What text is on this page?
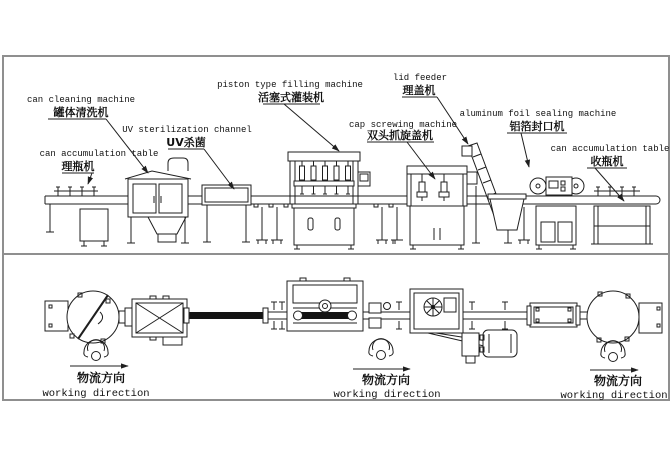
can accumulation table
理瓶机
can cleaning machine
罐体清洗机
UV sterilization channel
UV杀菌
piston type filling machine
活塞式灌装机
lid feeder
理盖机
cap screwing machine
双头抓旋盖机
aluminum foil sealing machine
铝箔封口机
can accumulation table
收瓶机
物流方向
working direction
物流方向
working direction
物流方向
working direction
